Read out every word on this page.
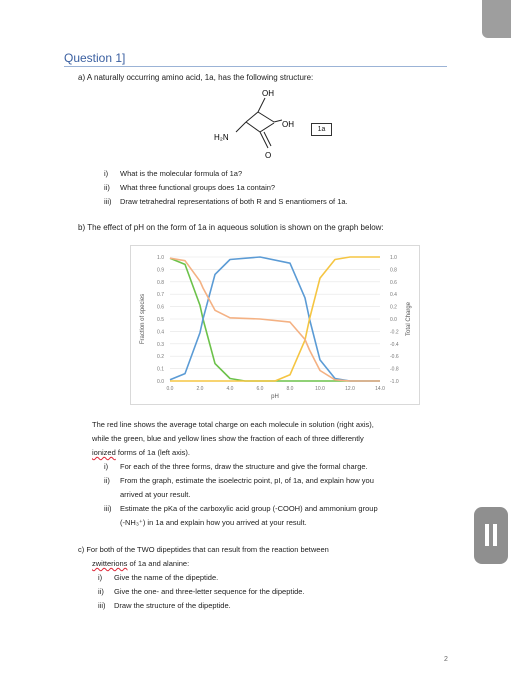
Question 1]
a) A naturally occurring amino acid, 1a, has the following structure:
OH
OH
H₂N
O
1a
i) What is the molecular formula of 1a?
ii) What three functional groups does 1a contain?
iii) Draw tetrahedral representations of both R and S enantiomers of 1a.
b) The effect of pH on the form of 1a in aqueous solution is shown on the graph below:
1.0	1.0
0.9	0.8
0.8	0.6
0.7	0.4
0.6	0.2
0.5	0.0
0.4	-0.2
0.3	-0.4
0.2	-0.6
0.1	-0.8
0.0	-1.0
0.0	2.0	4.0	6.0	8.0	10.0	12.0	14.0
pH
Fraction of species	Total Charge
The red line shows the average total charge on each molecule in solution (right axis),
while the green, blue and yellow lines show the fraction of each of three differently
ionized forms of 1a (left axis).
i) For each of the three forms, draw the structure and give the formal charge.
ii) From the graph, estimate the isoelectric point, pI, of 1a, and explain how you
arrived at your result.
iii) Estimate the pKa of the carboxylic acid group (-COOH) and ammonium group
(-NH₃⁺) in 1a and explain how you arrived at your result.
c) For both of the TWO dipeptides that can result from the reaction between
zwitterions of 1a and alanine:
i) Give the name of the dipeptide.
ii) Give the one- and three-letter sequence for the dipeptide.
iii) Draw the structure of the dipeptide.
2
